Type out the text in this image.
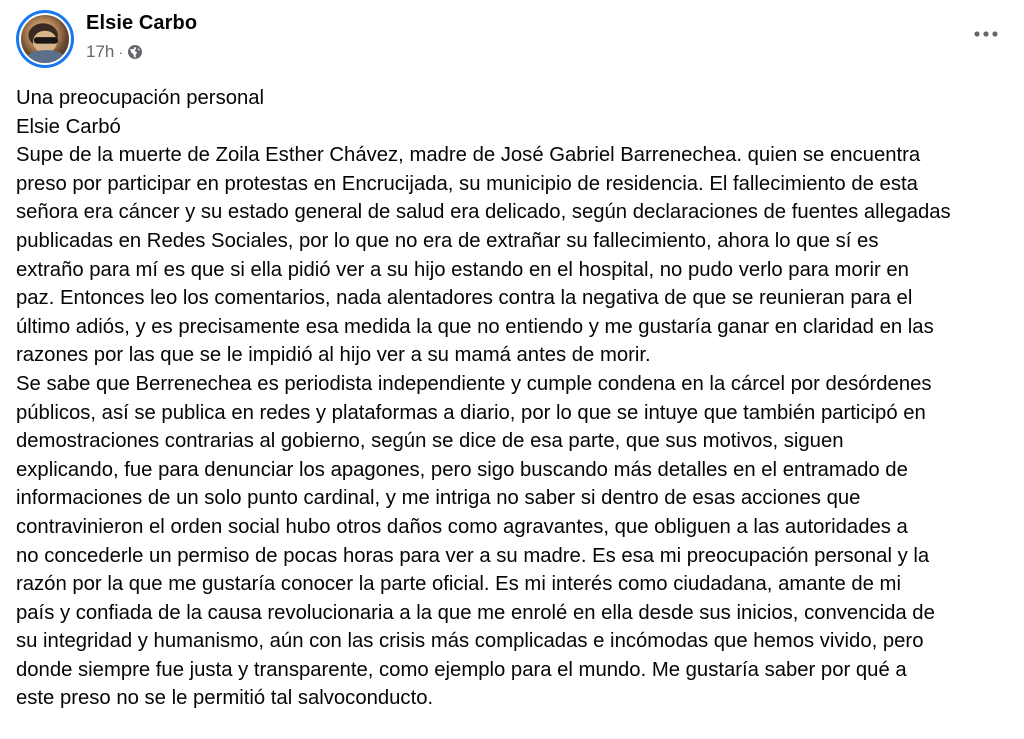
Elsie Carbo
17h ·

Una preocupación personal

Elsie Carbó

Supe de la muerte de Zoila Esther Chávez, madre de José Gabriel Barrenechea. quien se encuentra

preso por participar en protestas en Encrucijada, su municipio de residencia. El fallecimiento de esta

señora era cáncer y su estado general de salud era delicado, según declaraciones de fuentes allegadas

publicadas en Redes Sociales, por lo que no era de extrañar su fallecimiento, ahora lo que sí es

extraño para mí es que si ella pidió ver a su hijo estando en el hospital, no pudo verlo para morir en

paz. Entonces leo los comentarios, nada alentadores contra la negativa de que se reunieran para el

último adiós, y es precisamente esa medida la que no entiendo y me gustaría ganar en claridad en las

razones por las que se le impidió al hijo ver a su mamá antes de morir.

Se sabe que Berrenechea es periodista independiente y cumple condena en la cárcel por desórdenes

públicos, así se publica en redes y plataformas a diario, por lo que se intuye que también participó en

demostraciones contrarias al gobierno, según se dice de esa parte, que sus motivos, siguen

explicando, fue para denunciar los apagones, pero sigo buscando más detalles en el entramado de

informaciones de un solo punto cardinal, y me intriga no saber si dentro de esas acciones que

contravinieron el orden social hubo otros daños como agravantes, que obliguen a las autoridades a

no concederle un permiso de pocas horas para ver a su madre. Es esa mi preocupación personal y la

razón por la que me gustaría conocer la parte oficial. Es mi interés como ciudadana, amante de mi

país y confiada de la causa revolucionaria a la que me enrolé en ella desde sus inicios, convencida de

su integridad y humanismo, aún con las crisis más complicadas e incómodas que hemos vivido, pero

donde siempre fue justa y transparente, como ejemplo para el mundo. Me gustaría saber por qué a

este preso no se le permitió tal salvoconducto.
